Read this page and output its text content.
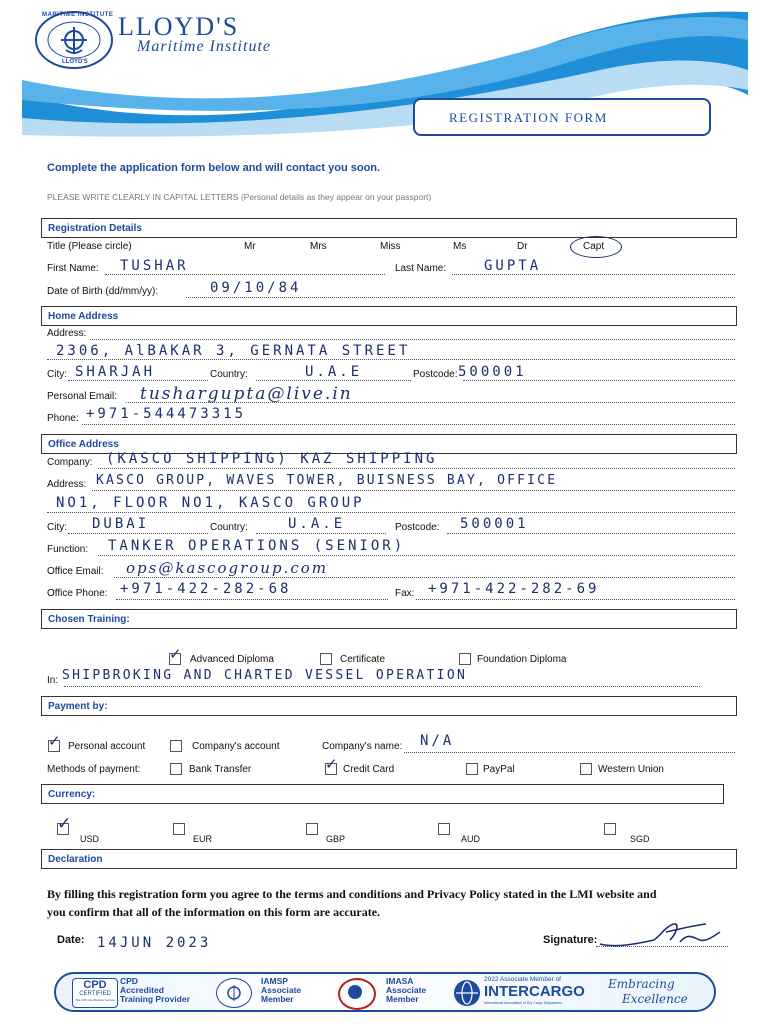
MARITIME INSTITUTE
LLOYD'S
LLOYD'S
Maritime Institute
REGISTRATION FORM
Complete the application form below and will contact you soon.
PLEASE WRITE CLEARLY IN CAPITAL LETTERS (Personal details as they appear on your passport)
Registration Details
Title (Please circle)	Mr	Mrs	Miss	Ms	Dr	Capt
First Name: TUSHAR	Last Name:	GUPTA
Date of Birth (dd/mm/yy):	09/10/84
Home Address
Address:
2306, AlBAKAR 3, GERNATA STREET
City: SHARJAH	Country:	U.A.E	Postcode: 500001
Personal Email: tushargupta@live.in
Phone: +971-544473315
Office Address
Company: (KASCO SHIPPING) KAZ SHIPPING
Address: KASCO GROUP, WAVES TOWER, BUISNESS BAY, OFFICE
NO1, FLOOR NO1, KASCO GROUP
City: DUBAI	Country:	U.A.E	Postcode: 500001
Function: TANKER OPERATIONS (SENIOR)
Office Email: ops@kascogroup.com
Office Phone: +971-422-282-68	Fax: +971-422-282-69
Chosen Training:
✓ Advanced Diploma	Certificate	Foundation Diploma
In: SHIPBROKING AND CHARTED VESSEL OPERATION
Payment by:
✓ Personal account	Company's account	Company's name: N/A
Methods of payment:	Bank Transfer	✓ Credit Card	PayPal	Western Union
Currency:
✓
USD	EUR	GBP	AUD	SGD
Declaration
By filling this registration form you agree to the terms and conditions and Privacy Policy stated in the LMI website and
you confirm that all of the information on this form are accurate.
Date: 14JUN 2023	Signature:
CPD
CERTIFIED
The CPD Certification Service
CPD
Accredited
Training Provider
IAMSP
Associate
Member
IMASA
Associate
Member
2022 Associate Member of
INTERCARGO
International Association of Dry Cargo Shipowners
Embracing
Excellence
